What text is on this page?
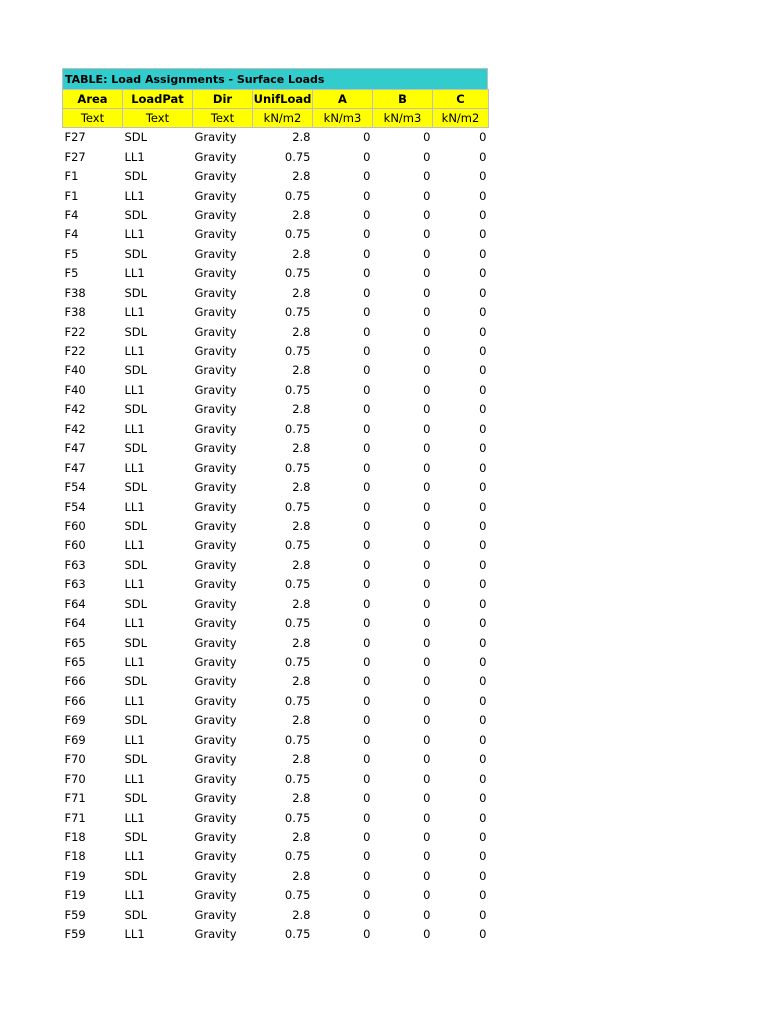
TABLE: Load Assignments - Surface Loads
Area	LoadPat	Dir	UnifLoad	A	B	C
Text	Text	Text	kN/m2	kN/m3	kN/m3	kN/m2
F27	SDL	Gravity	2.8	0	0	0
F27	LL1	Gravity	0.75	0	0	0
F1	SDL	Gravity	2.8	0	0	0
F1	LL1	Gravity	0.75	0	0	0
F4	SDL	Gravity	2.8	0	0	0
F4	LL1	Gravity	0.75	0	0	0
F5	SDL	Gravity	2.8	0	0	0
F5	LL1	Gravity	0.75	0	0	0
F38	SDL	Gravity	2.8	0	0	0
F38	LL1	Gravity	0.75	0	0	0
F22	SDL	Gravity	2.8	0	0	0
F22	LL1	Gravity	0.75	0	0	0
F40	SDL	Gravity	2.8	0	0	0
F40	LL1	Gravity	0.75	0	0	0
F42	SDL	Gravity	2.8	0	0	0
F42	LL1	Gravity	0.75	0	0	0
F47	SDL	Gravity	2.8	0	0	0
F47	LL1	Gravity	0.75	0	0	0
F54	SDL	Gravity	2.8	0	0	0
F54	LL1	Gravity	0.75	0	0	0
F60	SDL	Gravity	2.8	0	0	0
F60	LL1	Gravity	0.75	0	0	0
F63	SDL	Gravity	2.8	0	0	0
F63	LL1	Gravity	0.75	0	0	0
F64	SDL	Gravity	2.8	0	0	0
F64	LL1	Gravity	0.75	0	0	0
F65	SDL	Gravity	2.8	0	0	0
F65	LL1	Gravity	0.75	0	0	0
F66	SDL	Gravity	2.8	0	0	0
F66	LL1	Gravity	0.75	0	0	0
F69	SDL	Gravity	2.8	0	0	0
F69	LL1	Gravity	0.75	0	0	0
F70	SDL	Gravity	2.8	0	0	0
F70	LL1	Gravity	0.75	0	0	0
F71	SDL	Gravity	2.8	0	0	0
F71	LL1	Gravity	0.75	0	0	0
F18	SDL	Gravity	2.8	0	0	0
F18	LL1	Gravity	0.75	0	0	0
F19	SDL	Gravity	2.8	0	0	0
F19	LL1	Gravity	0.75	0	0	0
F59	SDL	Gravity	2.8	0	0	0
F59	LL1	Gravity	0.75	0	0	0
